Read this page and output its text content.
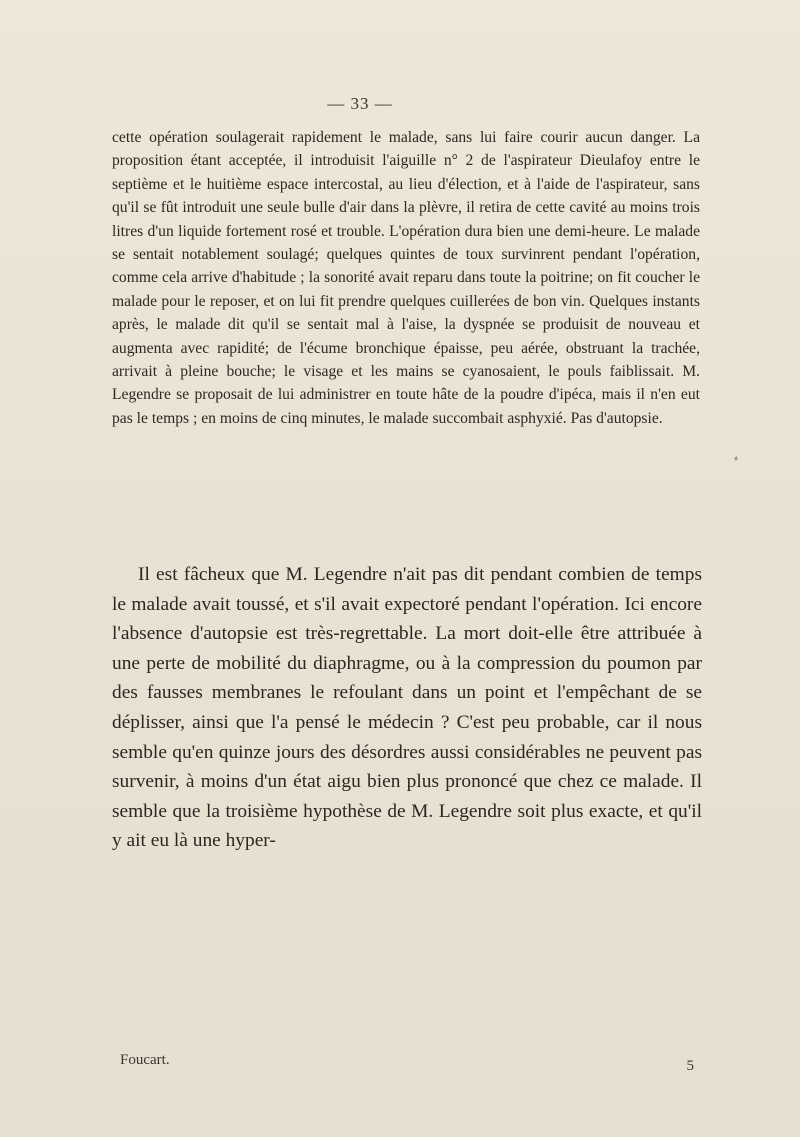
— 33 —

cette opération soulagerait rapidement le malade, sans lui faire courir aucun danger. La proposition étant acceptée, il introduisit l'aiguille n° 2 de l'aspirateur Dieulafoy entre le septième et le huitième espace intercostal, au lieu d'élection, et à l'aide de l'aspirateur, sans qu'il se fût introduit une seule bulle d'air dans la plèvre, il retira de cette cavité au moins trois litres d'un liquide fortement rosé et trouble. L'opération dura bien une demi-heure. Le malade se sentait notablement soulagé; quelques quintes de toux survinrent pendant l'opération, comme cela arrive d'habitude ; la sonorité avait reparu dans toute la poitrine; on fit coucher le malade pour le reposer, et on lui fit prendre quelques cuillerées de bon vin. Quelques instants après, le malade dit qu'il se sentait mal à l'aise, la dyspnée se produisit de nouveau et augmenta avec rapidité; de l'écume bronchique épaisse, peu aérée, obstruant la trachée, arrivait à pleine bouche; le visage et les mains se cyanosaient, le pouls faiblissait. M. Legendre se proposait de lui administrer en toute hâte de la poudre d'ipéca, mais il n'en eut pas le temps ; en moins de cinq minutes, le malade succombait asphyxié. Pas d'autopsie.

⸗

Il est fâcheux que M. Legendre n'ait pas dit pendant combien de temps le malade avait toussé, et s'il avait expectoré pendant l'opération. Ici encore l'absence d'autopsie est très-regrettable. La mort doit-elle être attribuée à une perte de mobilité du diaphragme, ou à la compression du poumon par des fausses membranes le refoulant dans un point et l'empêchant de se déplisser, ainsi que l'a pensé le médecin ? C'est peu probable, car il nous semble qu'en quinze jours des désordres aussi considérables ne peuvent pas survenir, à moins d'un état aigu bien plus prononcé que chez ce malade. Il semble que la troisième hypothèse de M. Legendre soit plus exacte, et qu'il y ait eu là une hyper-

Foucart.	5
